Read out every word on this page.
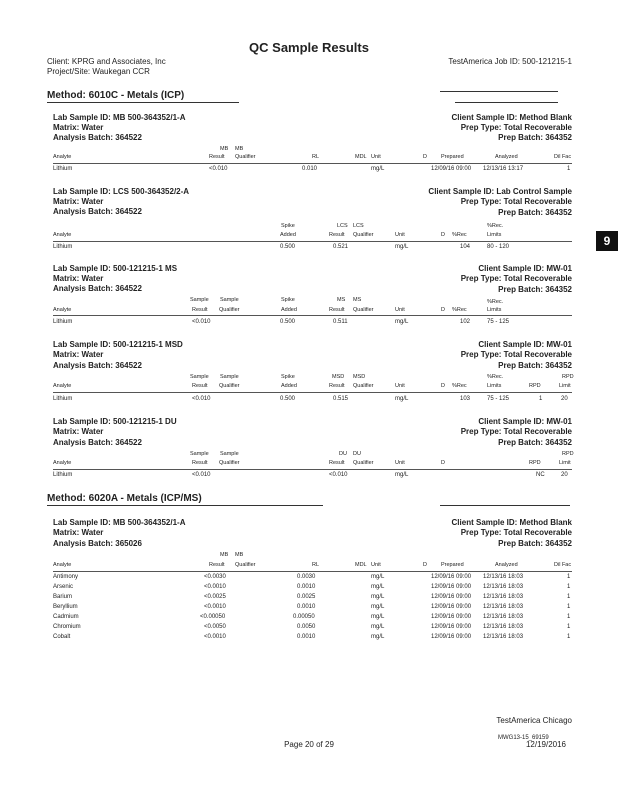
QC Sample Results
Client: KPRG and Associates, Inc
Project/Site: Waukegan CCR
TestAmerica Job ID: 500-121215-1
9
Method: 6010C - Metals (ICP)
Lab Sample ID: MB 500-364352/1-A
Matrix: Water
Analysis Batch: 364522
Client Sample ID: Method Blank
Prep Type: Total Recoverable
Prep Batch: 364352
MB MB
Analyte	Result Qualifier	RL	MDL Unit	D	Prepared	Analyzed	Dil Fac
Lithium	<0.010	0.010	mg/L	12/09/16 09:00 12/13/16 13:17	1
Lab Sample ID: LCS 500-364352/2-A
Matrix: Water
Analysis Batch: 364522
Client Sample ID: Lab Control Sample
Prep Type: Total Recoverable
Prep Batch: 364352
Spike	LCS LCS	%Rec.
Analyte	Added	Result Qualifier	Unit	D %Rec	Limits
Lithium	0.500	0.521	mg/L	104	80 - 120
Lab Sample ID: 500-121215-1 MS
Matrix: Water
Analysis Batch: 364522
Client Sample ID: MW-01
Prep Type: Total Recoverable
Prep Batch: 364352
Sample Sample	Spike	MS MS	%Rec.
Analyte	Result Qualifier	Added	Result Qualifier	Unit	D %Rec	Limits
Lithium	<0.010	0.500	0.511	mg/L	102	75 - 125
Lab Sample ID: 500-121215-1 MSD
Matrix: Water
Analysis Batch: 364522
Client Sample ID: MW-01
Prep Type: Total Recoverable
Prep Batch: 364352
Sample Sample	Spike	MSD MSD	%Rec.	RPD
Analyte	Result Qualifier	Added	Result Qualifier	Unit	D %Rec	Limits	RPD	Limit
Lithium	<0.010	0.500	0.515	mg/L	103	75 - 125	1	20
Lab Sample ID: 500-121215-1 DU
Matrix: Water
Analysis Batch: 364522
Client Sample ID: MW-01
Prep Type: Total Recoverable
Prep Batch: 364352
Sample Sample	DU DU	RPD
Analyte	Result Qualifier	Result Qualifier	Unit	D	RPD	Limit
Lithium	<0.010	<0.010	mg/L	NC	20
Method: 6020A - Metals (ICP/MS)
Lab Sample ID: MB 500-364352/1-A
Matrix: Water
Analysis Batch: 365026
Client Sample ID: Method Blank
Prep Type: Total Recoverable
Prep Batch: 364352
MB MB
Analyte	Result Qualifier	RL	MDL Unit	D	Prepared	Analyzed	Dil Fac
Antimony	<0.0030	0.0030	mg/L	12/09/16 09:00 12/13/16 18:03	1
Arsenic	<0.0010	0.0010	mg/L	12/09/16 09:00 12/13/16 18:03	1
Barium	<0.0025	0.0025	mg/L	12/09/16 09:00 12/13/16 18:03	1
Beryllium	<0.0010	0.0010	mg/L	12/09/16 09:00 12/13/16 18:03	1
Cadmium	<0.00050	0.00050	mg/L	12/09/16 09:00 12/13/16 18:03	1
Chromium	<0.0050	0.0050	mg/L	12/09/16 09:00 12/13/16 18:03	1
Cobalt	<0.0010	0.0010	mg/L	12/09/16 09:00 12/13/16 18:03	1
TestAmerica Chicago
MWG13-15_69159
Page 20 of 29	12/19/2016
